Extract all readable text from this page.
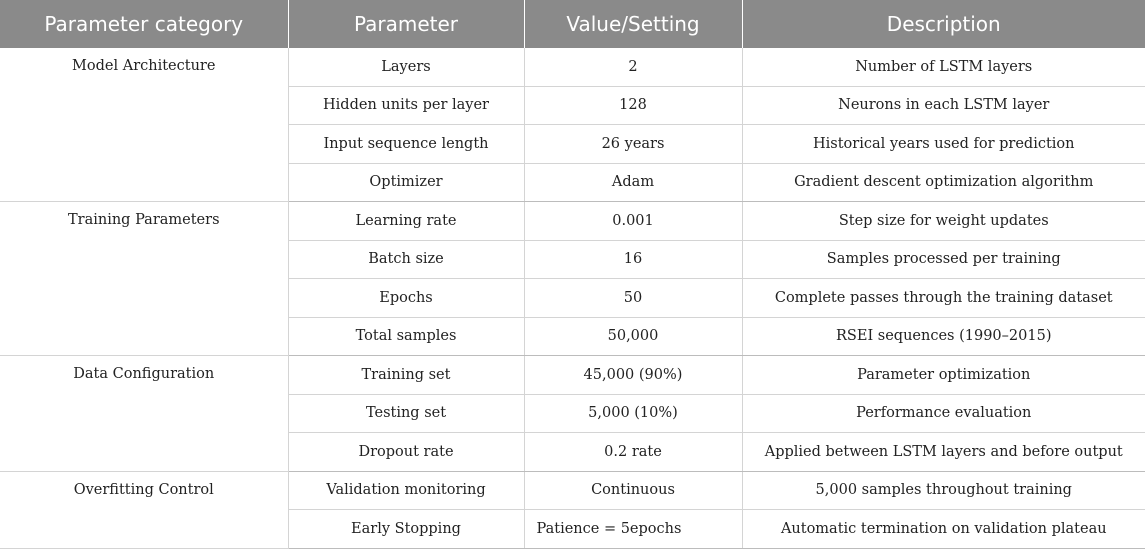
Parameter category	Parameter	Value/Setting	Description
Model Architecture	Layers	2	Number of LSTM layers
	Hidden units per layer	128	Neurons in each LSTM layer
	Input sequence length	26 years	Historical years used for prediction
	Optimizer	Adam	Gradient descent optimization algorithm
Training Parameters	Learning rate	0.001	Step size for weight updates
	Batch size	16	Samples processed per training
	Epochs	50	Complete passes through the training dataset
	Total samples	50,000	RSEI sequences (1990–2015)
Data Configuration	Training set	45,000 (90%)	Parameter optimization
	Testing set	5,000 (10%)	Performance evaluation
	Dropout rate	0.2 rate	Applied between LSTM layers and before output
Overfitting Control	Validation monitoring	Continuous	5,000 samples throughout training
	Early Stopping	Patience = 5epochs	Automatic termination on validation plateau
